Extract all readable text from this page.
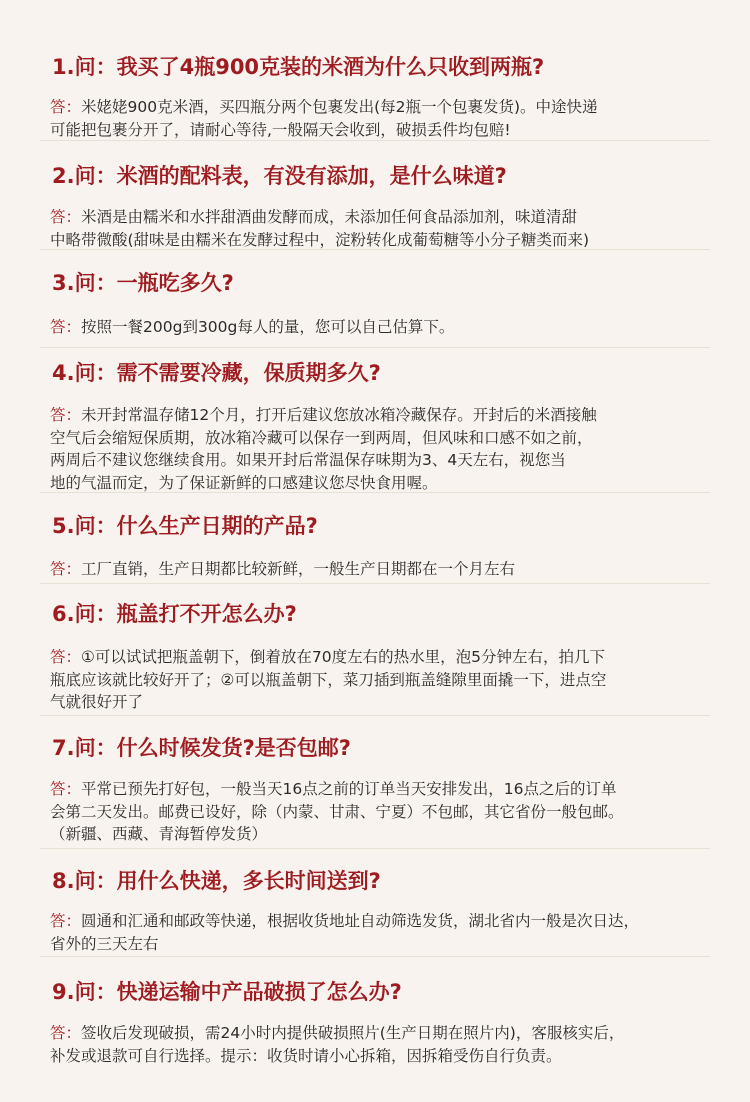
1.问：我买了4瓶900克装的米酒为什么只收到两瓶?
答：米姥姥900克米酒，买四瓶分两个包裹发出(每2瓶一个包裹发货)。中途快递
可能把包裹分开了，请耐心等待,一般隔天会收到，破损丢件均包赔!
2.问：米酒的配料表，有没有添加，是什么味道?
答：米酒是由糯米和水拌甜酒曲发酵而成，未添加任何食品添加剂，味道清甜
中略带微酸(甜味是由糯米在发酵过程中，淀粉转化成葡萄糖等小分子糖类而来)
3.问：一瓶吃多久?
答：按照一餐200g到300g每人的量，您可以自己估算下。
4.问：需不需要冷藏，保质期多久?
答：未开封常温存储12个月，打开后建议您放冰箱冷藏保存。开封后的米酒接触
空气后会缩短保质期，放冰箱冷藏可以保存一到两周，但风味和口感不如之前，
两周后不建议您继续食用。如果开封后常温保存味期为3、4天左右，视您当
地的气温而定，为了保证新鲜的口感建议您尽快食用喔。
5.问：什么生产日期的产品?
答：工厂直销，生产日期都比较新鲜，一般生产日期都在一个月左右
6.问：瓶盖打不开怎么办?
答：①可以试试把瓶盖朝下，倒着放在70度左右的热水里，泡5分钟左右，拍几下
瓶底应该就比较好开了；②可以瓶盖朝下，菜刀插到瓶盖缝隙里面撬一下，进点空
气就很好开了
7.问：什么时候发货?是否包邮?
答：平常已预先打好包，一般当天16点之前的订单当天安排发出，16点之后的订单
会第二天发出。邮费已设好，除（内蒙、甘肃、宁夏）不包邮，其它省份一般包邮。
（新疆、西藏、青海暂停发货）
8.问：用什么快递，多长时间送到?
答：圆通和汇通和邮政等快递，根据收货地址自动筛选发货，湖北省内一般是次日达，
省外的三天左右
9.问：快递运输中产品破损了怎么办?
答：签收后发现破损，需24小时内提供破损照片(生产日期在照片内)，客服核实后，
补发或退款可自行选择。提示：收货时请小心拆箱，因拆箱受伤自行负责。
